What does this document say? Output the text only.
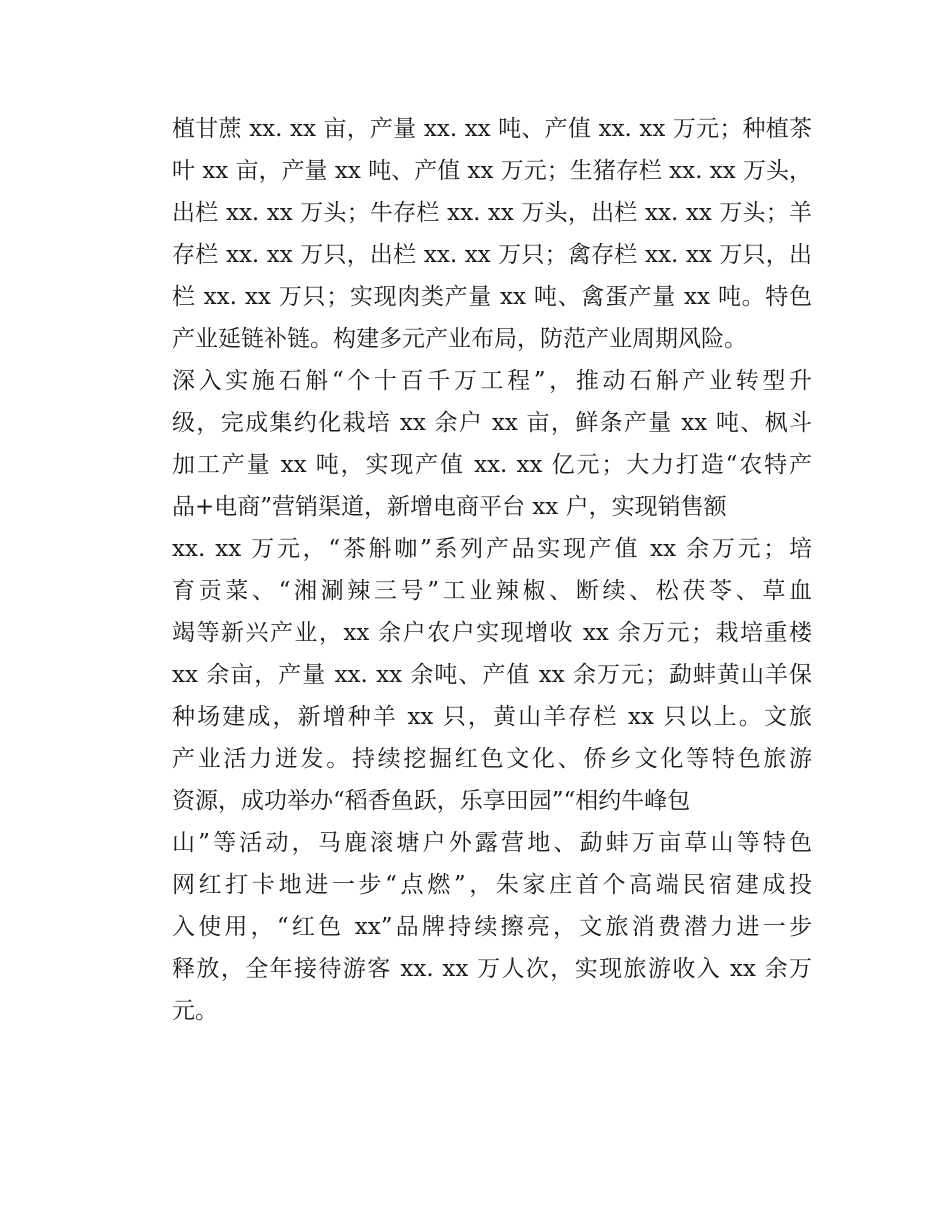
植甘蔗 xx. xx 亩，产量 xx. xx 吨、产值 xx. xx 万元；种植茶
叶 xx 亩，产量 xx 吨、产值 xx 万元；生猪存栏 xx. xx 万头，
出栏 xx. xx 万头；牛存栏 xx. xx 万头，出栏 xx. xx 万头；羊
存栏 xx. xx 万只，出栏 xx. xx 万只；禽存栏 xx. xx 万只，出
栏 xx. xx 万只；实现肉类产量 xx 吨、禽蛋产量 xx 吨。特色
产业延链补链。构建多元产业布局，防范产业周期风险。
深入实施石斛“个十百千万工程”，推动石斛产业转型升
级，完成集约化栽培 xx 余户 xx 亩，鲜条产量 xx 吨、枫斗
加工产量 xx 吨，实现产值 xx. xx 亿元；大力打造“农特产
品+电商”营销渠道，新增电商平台 xx 户，实现销售额
xx. xx 万元，“茶斛咖”系列产品实现产值 xx 余万元；培
育贡菜、“湘涮辣三号”工业辣椒、断续、松茯苓、草血
竭等新兴产业，xx 余户农户实现增收 xx 余万元；栽培重楼
xx 余亩，产量 xx. xx 余吨、产值 xx 余万元；勐蚌黄山羊保
种场建成，新增种羊 xx 只，黄山羊存栏 xx 只以上。文旅
产业活力迸发。持续挖掘红色文化、侨乡文化等特色旅游
资源，成功举办“稻香鱼跃，乐享田园”“相约牛峰包
山”等活动，马鹿滚塘户外露营地、勐蚌万亩草山等特色
网红打卡地进一步“点燃”，朱家庄首个高端民宿建成投
入使用，“红色 xx”品牌持续擦亮，文旅消费潜力进一步
释放，全年接待游客 xx. xx 万人次，实现旅游收入 xx 余万
元。
